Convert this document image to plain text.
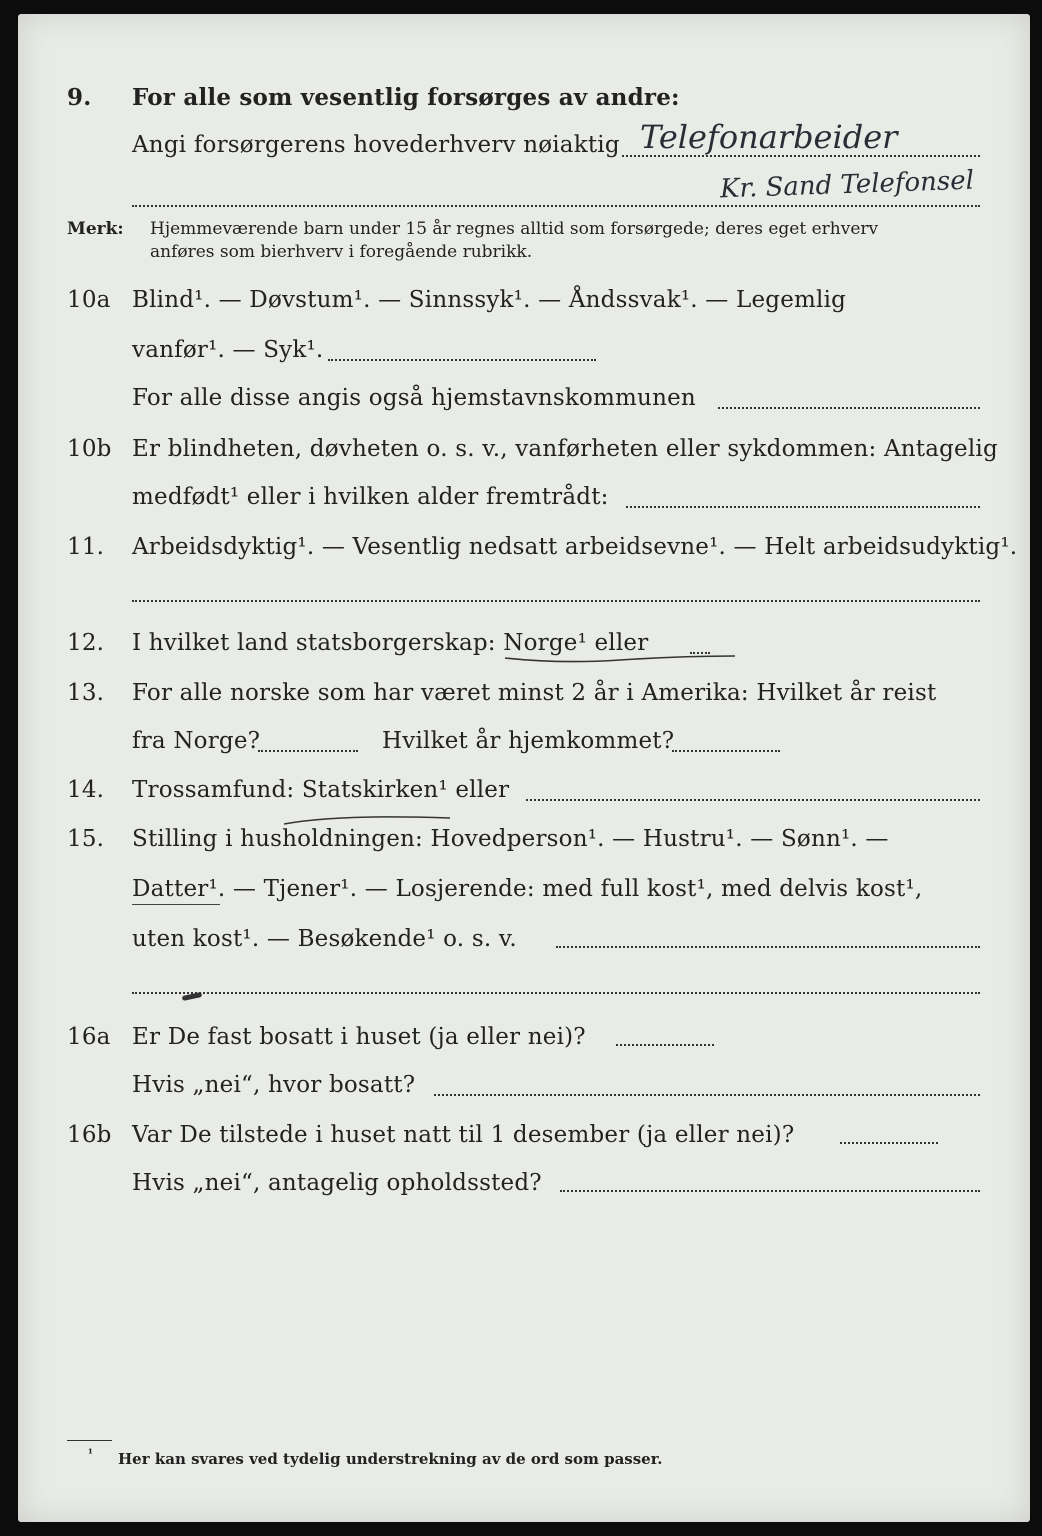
9. For alle som vesentlig forsørges av andre:
Angi forsørgerens hovederhverv nøiaktig Telefonarbeider
Kr. Sand Telefonsel
Merk: Hjemmeværende barn under 15 år regnes alltid som forsørgede; deres eget erhverv
anføres som bierhverv i foregående rubrikk.
10a Blind¹. — Døvstum¹. — Sinnssyk¹. — Åndssvak¹. — Legemlig
vanfør¹. — Syk¹.
For alle disse angis også hjemstavnskommunen
10b Er blindheten, døvheten o. s. v., vanførheten eller sykdommen: Antagelig
medfødt¹ eller i hvilken alder fremtrådt:
11. Arbeidsdyktig¹. — Vesentlig nedsatt arbeidsevne¹. — Helt arbeidsudyktig¹.
12. I hvilket land statsborgerskap: Norge¹ eller
13. For alle norske som har været minst 2 år i Amerika: Hvilket år reist
fra Norge?	Hvilket år hjemkommet?
14. Trossamfund: Statskirken¹ eller
15. Stilling i husholdningen: Hovedperson¹. — Hustru¹. — Sønn¹. —
Datter¹. — Tjener¹. — Losjerende: med full kost¹, med delvis kost¹,
uten kost¹. — Besøkende¹ o. s. v.
16a Er De fast bosatt i huset (ja eller nei)?
Hvis „nei“, hvor bosatt?
16b Var De tilstede i huset natt til 1 desember (ja eller nei)?
Hvis „nei“, antagelig opholdssted?
¹ Her kan svares ved tydelig understrekning av de ord som passer.
